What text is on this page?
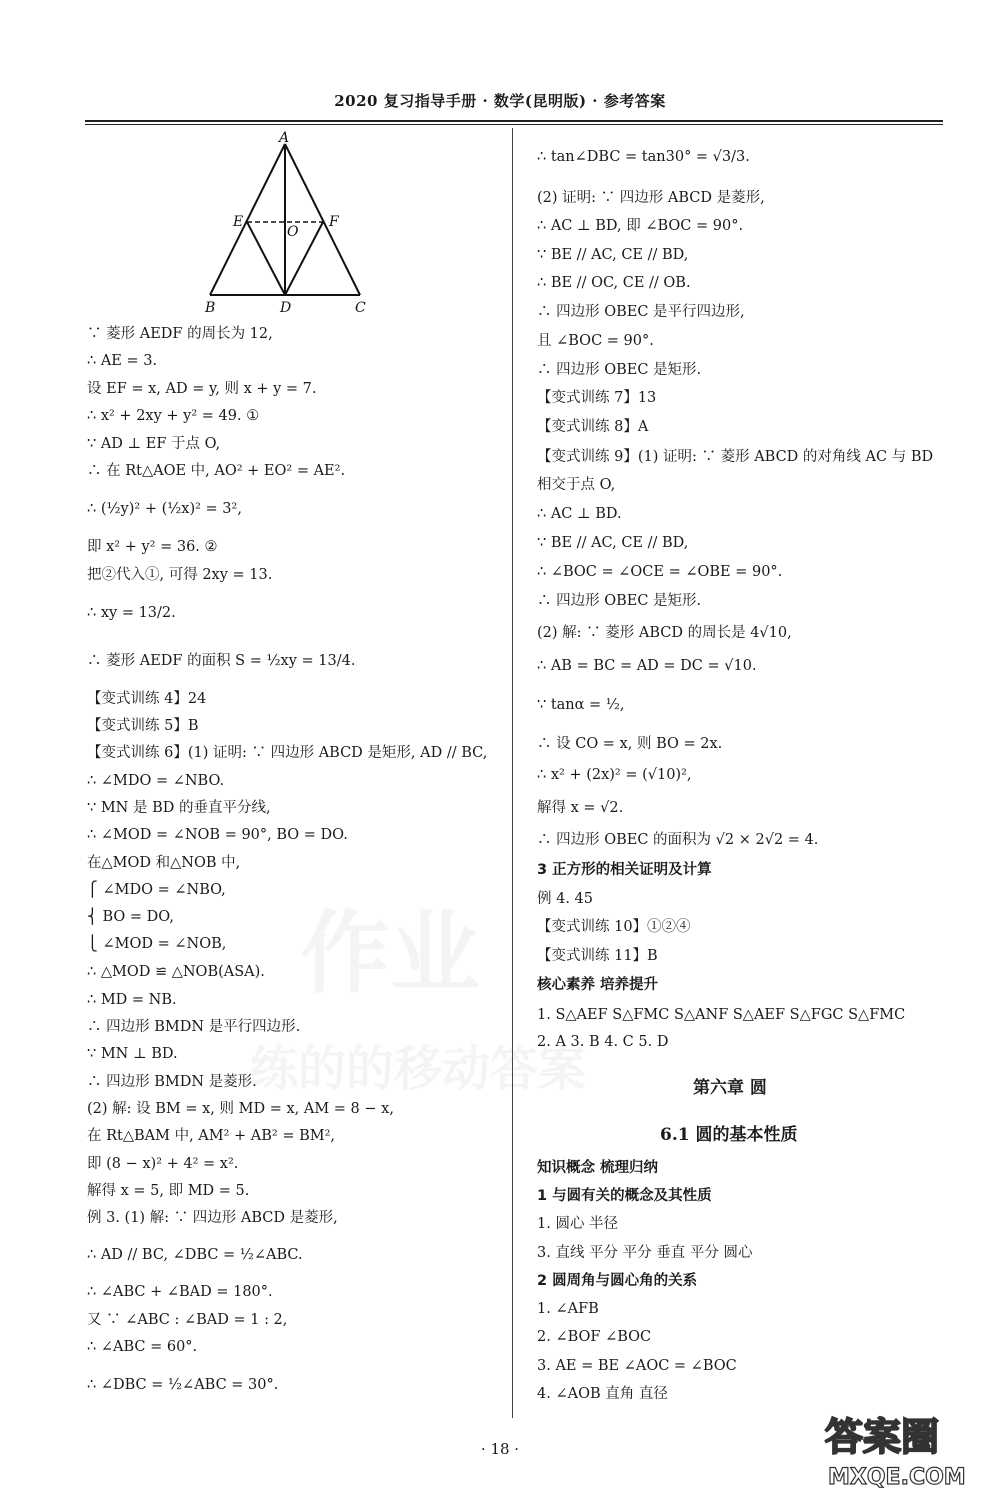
2020 复习指导手册 · 数学(昆明版) · 参考答案
作业
练的的移动答案
A
E	F
O
B	D	C
∵ 菱形 AEDF 的周长为 12,
∴ AE = 3.
设 EF = x, AD = y, 则 x + y = 7.
∴ x² + 2xy + y² = 49. ①
∵ AD ⊥ EF 于点 O,
∴ 在 Rt△AOE 中, AO² + EO² = AE².
∴ (½y)² + (½x)² = 3²,
即 x² + y² = 36. ②
把②代入①, 可得 2xy = 13.
∴ xy = 13/2.
∴ 菱形 AEDF 的面积 S = ½xy = 13/4.
【变式训练 4】24
【变式训练 5】B
【变式训练 6】(1) 证明: ∵ 四边形 ABCD 是矩形, AD // BC,
∴ ∠MDO = ∠NBO.
∵ MN 是 BD 的垂直平分线,
∴ ∠MOD = ∠NOB = 90°, BO = DO.
在△MOD 和△NOB 中,
⎧ ∠MDO = ∠NBO,
⎨ BO = DO,
⎩ ∠MOD = ∠NOB,
∴ △MOD ≌ △NOB(ASA).
∴ MD = NB.
∴ 四边形 BMDN 是平行四边形.
∵ MN ⊥ BD.
∴ 四边形 BMDN 是菱形.
(2) 解: 设 BM = x, 则 MD = x, AM = 8 − x,
在 Rt△BAM 中, AM² + AB² = BM²,
即 (8 − x)² + 4² = x².
解得 x = 5, 即 MD = 5.
例 3. (1) 解: ∵ 四边形 ABCD 是菱形,
∴ AD // BC, ∠DBC = ½∠ABC.
∴ ∠ABC + ∠BAD = 180°.
又 ∵ ∠ABC : ∠BAD = 1 : 2,
∴ ∠ABC = 60°.
∴ ∠DBC = ½∠ABC = 30°.
∴ tan∠DBC = tan30° = √3/3.
(2) 证明: ∵ 四边形 ABCD 是菱形,
∴ AC ⊥ BD, 即 ∠BOC = 90°.
∵ BE // AC, CE // BD,
∴ BE // OC, CE // OB.
∴ 四边形 OBEC 是平行四边形,
且 ∠BOC = 90°.
∴ 四边形 OBEC 是矩形.
【变式训练 7】13
【变式训练 8】A
【变式训练 9】(1) 证明: ∵ 菱形 ABCD 的对角线 AC 与 BD
相交于点 O,
∴ AC ⊥ BD.
∵ BE // AC, CE // BD,
∴ ∠BOC = ∠OCE = ∠OBE = 90°.
∴ 四边形 OBEC 是矩形.
(2) 解: ∵ 菱形 ABCD 的周长是 4√10,
∴ AB = BC = AD = DC = √10.
∵ tanα = ½,
∴ 设 CO = x, 则 BO = 2x.
∴ x² + (2x)² = (√10)²,
解得 x = √2.
∴ 四边形 OBEC 的面积为 √2 × 2√2 = 4.
3 正方形的相关证明及计算
例 4. 45
【变式训练 10】①②④
【变式训练 11】B
核心素养 培养提升
1. S△AEF S△FMC S△ANF S△AEF S△FGC S△FMC
2. A 3. B 4. C 5. D
第六章 圆
6.1 圆的基本性质
知识概念 梳理归纳
1 与圆有关的概念及其性质
1. 圆心 半径
3. 直线 平分 平分 垂直 平分 圆心
2 圆周角与圆心角的关系
1. ∠AFB
2. ∠BOF ∠BOC
3. AE = BE ∠AOC = ∠BOC
4. ∠AOB 直角 直径
· 18 ·	答案圈
MXQE.COM
